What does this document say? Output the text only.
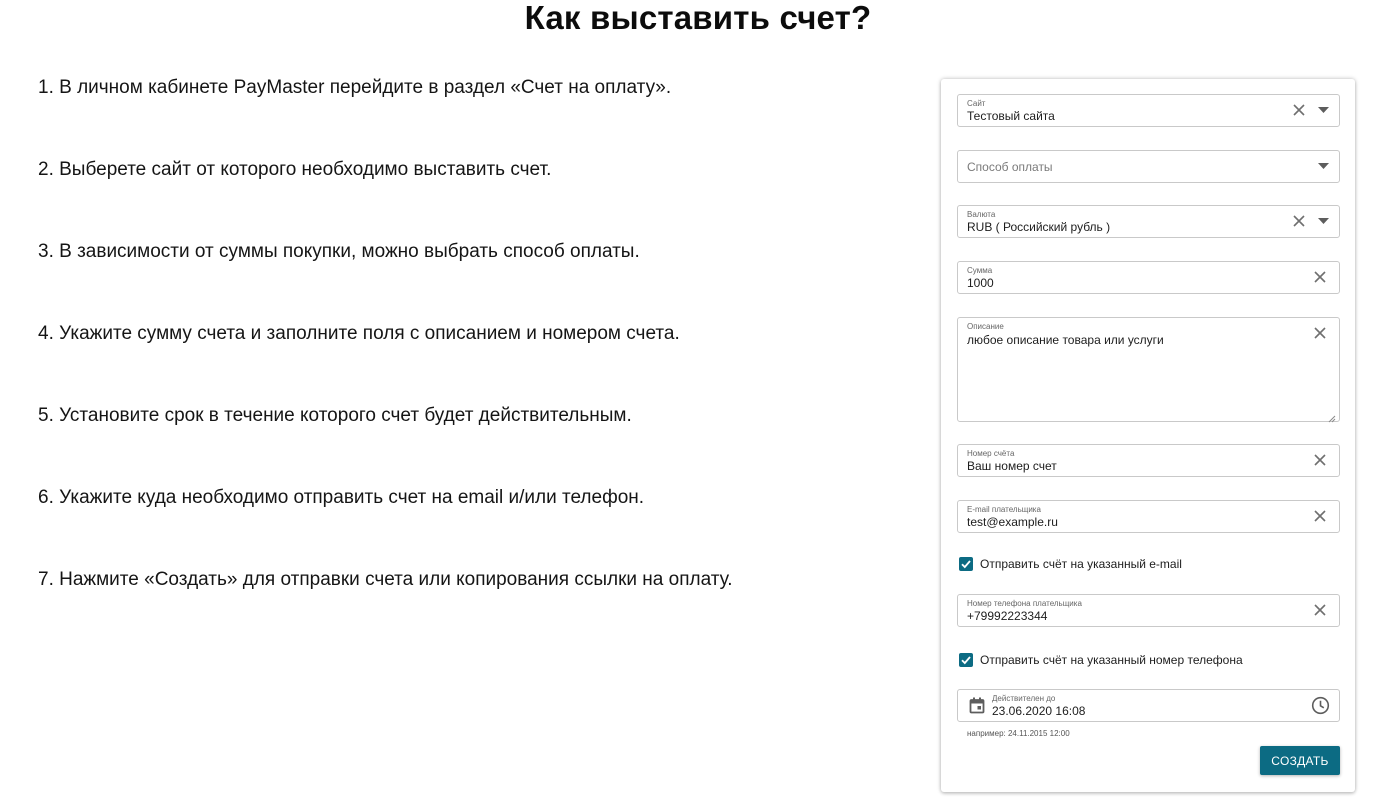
Как выставить счет?
1. В личном кабинете PayMaster перейдите в раздел «Счет на оплату».
2. Выберете сайт от которого необходимо выставить счет.
3. В зависимости от суммы покупки, можно выбрать способ оплаты.
4. Укажите сумму счета и заполните поля с описанием и номером счета.
5. Установите срок в течение которого счет будет действительным.
6. Укажите куда необходимо отправить счет на email и/или телефон.
7. Нажмите «Создать» для отправки счета или копирования ссылки на оплату.
Сайт
Тестовый сайта
Способ оплаты
Валюта
RUB ( Российский рубль )
Сумма
1000
Описание
любое описание товара или услуги
Номер счёта
Ваш номер счет
E-mail плательщика
test@example.ru
Отправить счёт на указанный e-mail
Номер телефона плательщика
+79992223344
Отправить счёт на указанный номер телефона
Действителен до
23.06.2020 16:08
например: 24.11.2015 12:00
СОЗДАТЬ
